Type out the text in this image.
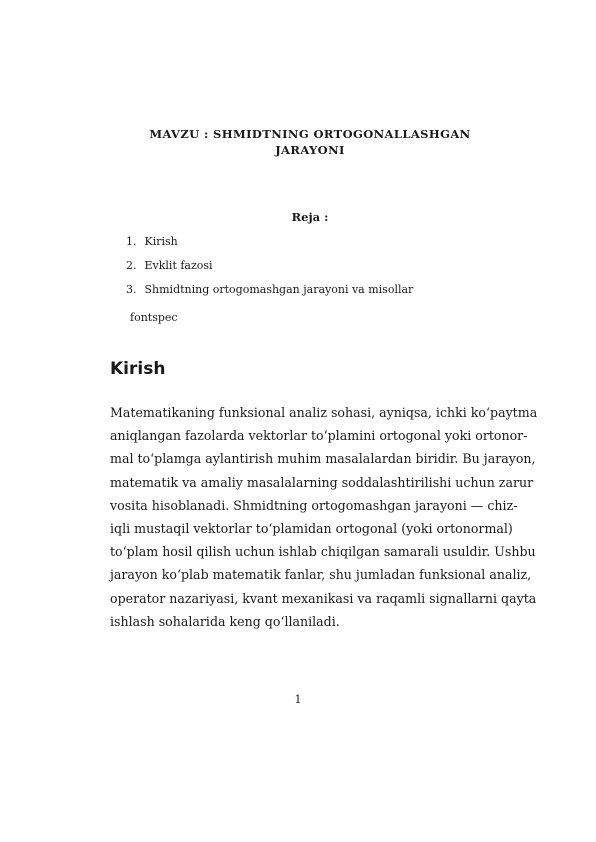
MAVZU : SHMIDTNING ORTOGONALLASHGAN
JARAYONI
Reja :
1. Kirish
2. Evklit fazosi
3. Shmidtning ortogomashgan jarayoni va misollar
fontspec
Kirish
Matematikaning funksional analiz sohasi, ayniqsa, ichki ko‘paytma
aniqlangan fazolarda vektorlar to‘plamini ortogonal yoki ortonor-
mal to‘plamga aylantirish muhim masalalardan biridir. Bu jarayon,
matematik va amaliy masalalarning soddalashtirilishi uchun zarur
vosita hisoblanadi. Shmidtning ortogomashgan jarayoni — chiz-
iqli mustaqil vektorlar to‘plamidan ortogonal (yoki ortonormal)
to‘plam hosil qilish uchun ishlab chiqilgan samarali usuldir. Ushbu
jarayon ko‘plab matematik fanlar, shu jumladan funksional analiz,
operator nazariyasi, kvant mexanikasi va raqamli signallarni qayta
ishlash sohalarida keng qo‘llaniladi.
1
